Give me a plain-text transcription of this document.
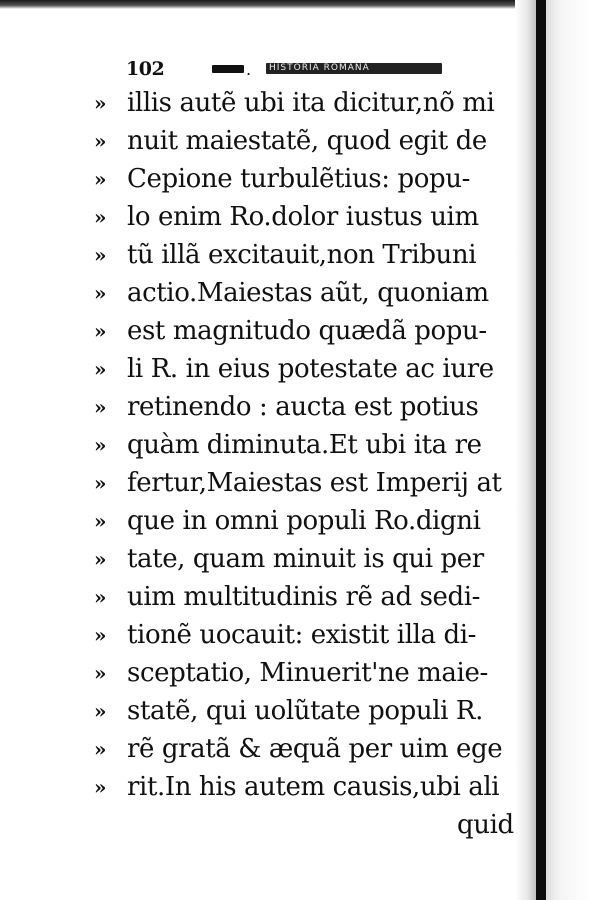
102	.	HISTORIA ROMANA
» illis autẽ ubi ita dicitur,nõ mi
» nuit maiestatẽ, quod egit de
» Cepione turbulẽtius: popu-
» lo enim Ro.dolor iustus uim
» tũ illã excitauit,non Tribuni
» actio.Maiestas aũt, quoniam
» est magnitudo quædã popu-
» li R. in eius potestate ac iure
» retinendo : aucta est potius
» quàm diminuta.Et ubi ita re
» fertur,Maiestas est Imperij at
» que in omni populi Ro.digni
» tate, quam minuit is qui per
» uim multitudinis rẽ ad sedi-
» tionẽ uocauit: existit illa di-
» sceptatio, Minuerit'ne maie-
» statẽ, qui uolũtate populi R.
» rẽ gratã & æquã per uim ege
» rit.In his autem causis,ubi ali
quid
